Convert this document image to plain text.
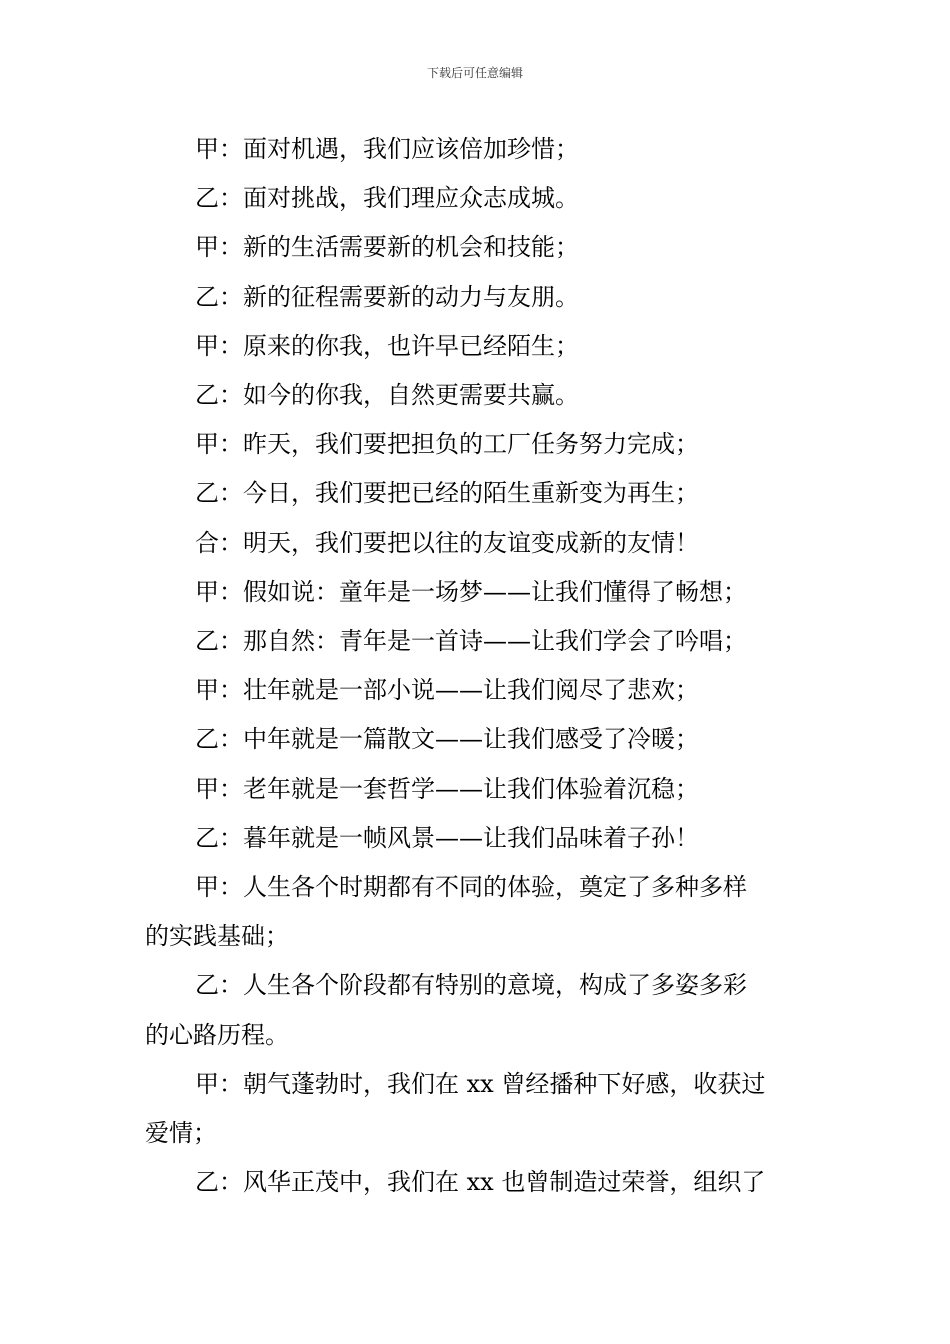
下载后可任意编辑

甲：面对机遇，我们应该倍加珍惜；

乙：面对挑战，我们理应众志成城。

甲：新的生活需要新的机会和技能；

乙：新的征程需要新的动力与友朋。

甲：原来的你我，也许早已经陌生；

乙：如今的你我，自然更需要共赢。

甲：昨天，我们要把担负的工厂任务努力完成；

乙：今日，我们要把已经的陌生重新变为再生；

合：明天，我们要把以往的友谊变成新的友情！

甲：假如说：童年是一场梦——让我们懂得了畅想；

乙：那自然：青年是一首诗——让我们学会了吟唱；

甲：壮年就是一部小说——让我们阅尽了悲欢；

乙：中年就是一篇散文——让我们感受了冷暖；

甲：老年就是一套哲学——让我们体验着沉稳；

乙：暮年就是一帧风景——让我们品味着子孙！

甲：人生各个时期都有不同的体验，奠定了多种多样
的实践基础；

乙：人生各个阶段都有特别的意境，构成了多姿多彩
的心路历程。

甲：朝气蓬勃时，我们在 xx 曾经播种下好感，收获过
爱情；

乙：风华正茂中，我们在 xx 也曾制造过荣誉，组织了
